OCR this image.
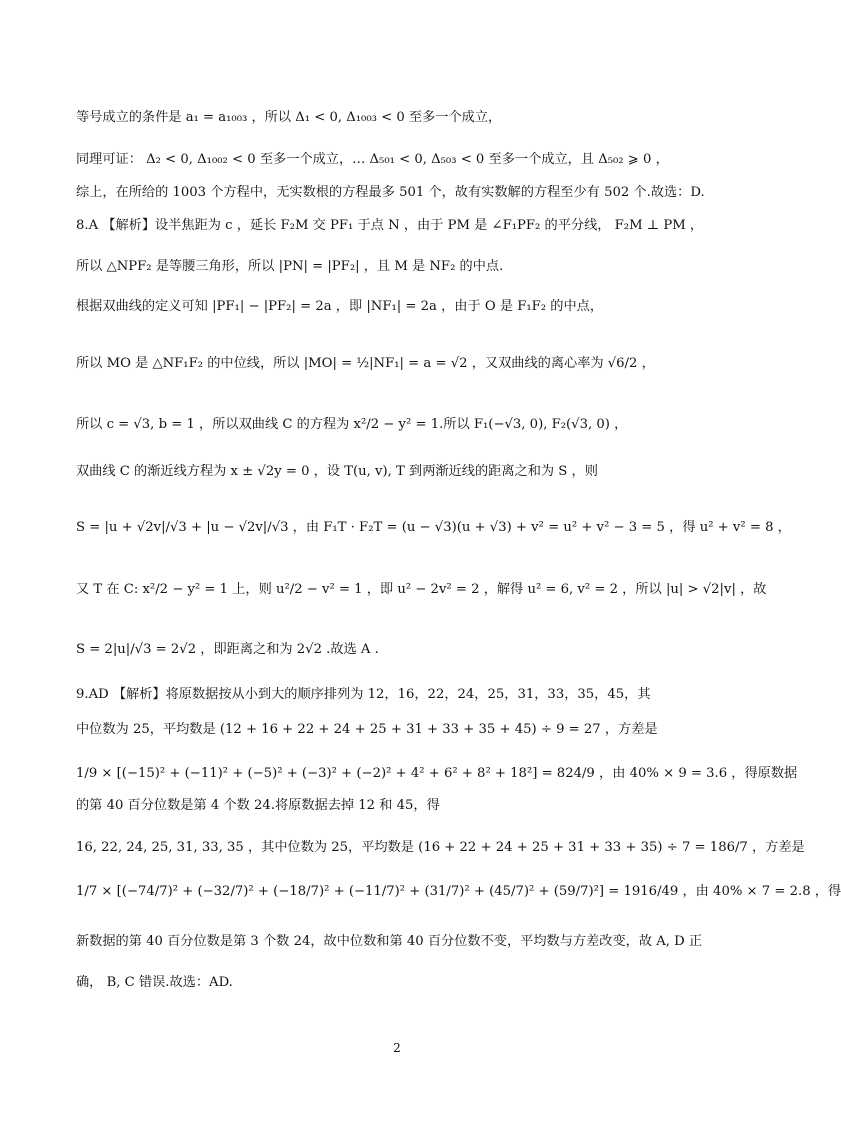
等号成立的条件是 a₁ = a₁₀₀₃ ，所以 Δ₁ < 0, Δ₁₀₀₃ < 0 至多一个成立，
同理可证： Δ₂ < 0, Δ₁₀₀₂ < 0 至多一个成立，… Δ₅₀₁ < 0, Δ₅₀₃ < 0 至多一个成立，且 Δ₅₀₂ ⩾ 0 ，
综上，在所给的 1003 个方程中，无实数根的方程最多 501 个，故有实数解的方程至少有 502 个.故选：D.
8.A 【解析】设半焦距为 c ，延长 F₂M 交 PF₁ 于点 N ，由于 PM 是 ∠F₁PF₂ 的平分线， F₂M ⊥ PM ，
所以 △NPF₂ 是等腰三角形，所以 |PN| = |PF₂| ，且 M 是 NF₂ 的中点.
根据双曲线的定义可知 |PF₁| − |PF₂| = 2a ，即 |NF₁| = 2a ，由于 O 是 F₁F₂ 的中点，
所以 MO 是 △NF₁F₂ 的中位线，所以 |MO| = ½|NF₁| = a = √2 ，又双曲线的离心率为 √6/2 ，
所以 c = √3, b = 1 ，所以双曲线 C 的方程为 x²/2 − y² = 1.所以 F₁(−√3, 0), F₂(√3, 0) ，
双曲线 C 的渐近线方程为 x ± √2y = 0 ，设 T(u, v), T 到两渐近线的距离之和为 S ，则
S = |u + √2v|/√3 + |u − √2v|/√3 ，由 F₁T · F₂T = (u − √3)(u + √3) + v² = u² + v² − 3 = 5 ，得 u² + v² = 8 ，
又 T 在 C: x²/2 − y² = 1 上，则 u²/2 − v² = 1 ，即 u² − 2v² = 2 ，解得 u² = 6, v² = 2 ，所以 |u| > √2|v| ，故
S = 2|u|/√3 = 2√2 ，即距离之和为 2√2 .故选 A .
9.AD 【解析】将原数据按从小到大的顺序排列为 12，16，22，24，25，31，33，35，45，其
中位数为 25，平均数是 (12 + 16 + 22 + 24 + 25 + 31 + 33 + 35 + 45) ÷ 9 = 27 ，方差是
1/9 × [(−15)² + (−11)² + (−5)² + (−3)² + (−2)² + 4² + 6² + 8² + 18²] = 824/9 ，由 40% × 9 = 3.6 ，得原数据
的第 40 百分位数是第 4 个数 24.将原数据去掉 12 和 45，得
16, 22, 24, 25, 31, 33, 35 ，其中位数为 25，平均数是 (16 + 22 + 24 + 25 + 31 + 33 + 35) ÷ 7 = 186/7 ，方差是
1/7 × [(−74/7)² + (−32/7)² + (−18/7)² + (−11/7)² + (31/7)² + (45/7)² + (59/7)²] = 1916/49 ，由 40% × 7 = 2.8 ，得
新数据的第 40 百分位数是第 3 个数 24，故中位数和第 40 百分位数不变，平均数与方差改变，故 A, D 正
确， B, C 错误.故选：AD.
2
